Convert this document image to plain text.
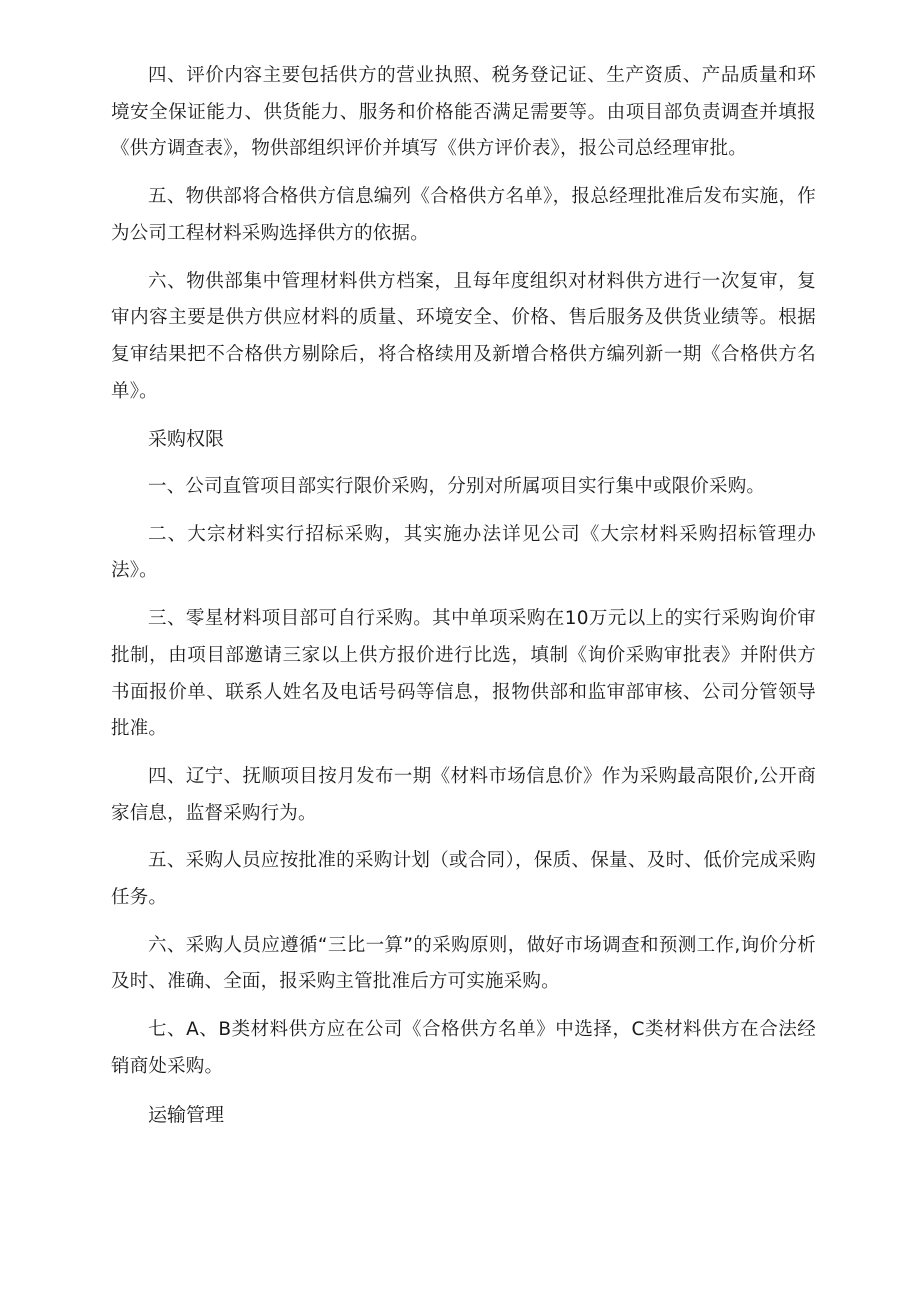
四、评价内容主要包括供方的营业执照、税务登记证、生产资质、产品质量和环境安全保证能力、供货能力、服务和价格能否满足需要等。由项目部负责调查并填报《供方调查表》，物供部组织评价并填写《供方评价表》，报公司总经理审批。

五、物供部将合格供方信息编列《合格供方名单》，报总经理批准后发布实施，作为公司工程材料采购选择供方的依据。

六、物供部集中管理材料供方档案，且每年度组织对材料供方进行一次复审，复审内容主要是供方供应材料的质量、环境安全、价格、售后服务及供货业绩等。根据复审结果把不合格供方剔除后，将合格续用及新增合格供方编列新一期《合格供方名单》。

采购权限

一、公司直管项目部实行限价采购，分别对所属项目实行集中或限价采购。

二、大宗材料实行招标采购，其实施办法详见公司《大宗材料采购招标管理办法》。

三、零星材料项目部可自行采购。其中单项采购在10万元以上的实行采购询价审批制，由项目部邀请三家以上供方报价进行比选，填制《询价采购审批表》并附供方书面报价单、联系人姓名及电话号码等信息，报物供部和监审部审核、公司分管领导批准。

四、辽宁、抚顺项目按月发布一期《材料市场信息价》作为采购最高限价,公开商家信息，监督采购行为。

五、采购人员应按批准的采购计划（或合同），保质、保量、及时、低价完成采购任务。

六、采购人员应遵循“三比一算”的采购原则，做好市场调查和预测工作,询价分析及时、准确、全面，报采购主管批准后方可实施采购。

七、A、B类材料供方应在公司《合格供方名单》中选择，C类材料供方在合法经销商处采购。

运输管理
